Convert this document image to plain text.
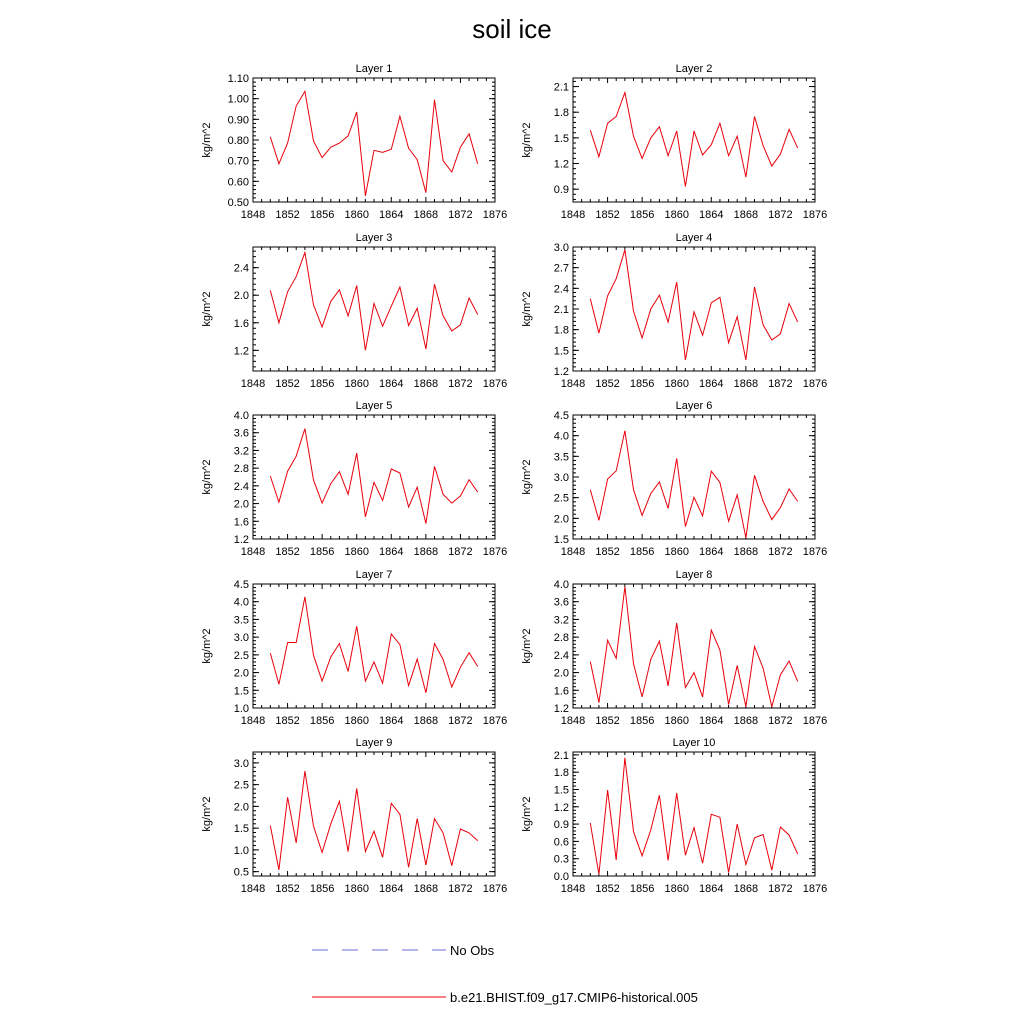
soil ice
Layer 1
kg/m^2
1848 1852 1856 1860 1864 1868 1872 1876
0.50
0.60
0.70
0.80
0.90
1.00
1.10
Layer 2
kg/m^2
1848 1852 1856 1860 1864 1868 1872 1876
0.9
1.2
1.5
1.8
2.1
Layer 3
kg/m^2
1848 1852 1856 1860 1864 1868 1872 1876
1.2
1.6
2.0
2.4
Layer 4
kg/m^2
1848 1852 1856 1860 1864 1868 1872 1876
1.2
1.5
1.8
2.1
2.4
2.7
3.0
Layer 5
kg/m^2
1848 1852 1856 1860 1864 1868 1872 1876
1.2
1.6
2.0
2.4
2.8
3.2
3.6
4.0
Layer 6
kg/m^2
1848 1852 1856 1860 1864 1868 1872 1876
1.5
2.0
2.5
3.0
3.5
4.0
4.5
Layer 7
kg/m^2
1848 1852 1856 1860 1864 1868 1872 1876
1.0
1.5
2.0
2.5
3.0
3.5
4.0
4.5
Layer 8
kg/m^2
1848 1852 1856 1860 1864 1868 1872 1876
1.2
1.6
2.0
2.4
2.8
3.2
3.6
4.0
Layer 9
kg/m^2
1848 1852 1856 1860 1864 1868 1872 1876
0.5
1.0
1.5
2.0
2.5
3.0
Layer 10
kg/m^2
1848 1852 1856 1860 1864 1868 1872 1876
0.0
0.3
0.6
0.9
1.2
1.5
1.8
2.1
No Obs
b.e21.BHIST.f09_g17.CMIP6-historical.005
